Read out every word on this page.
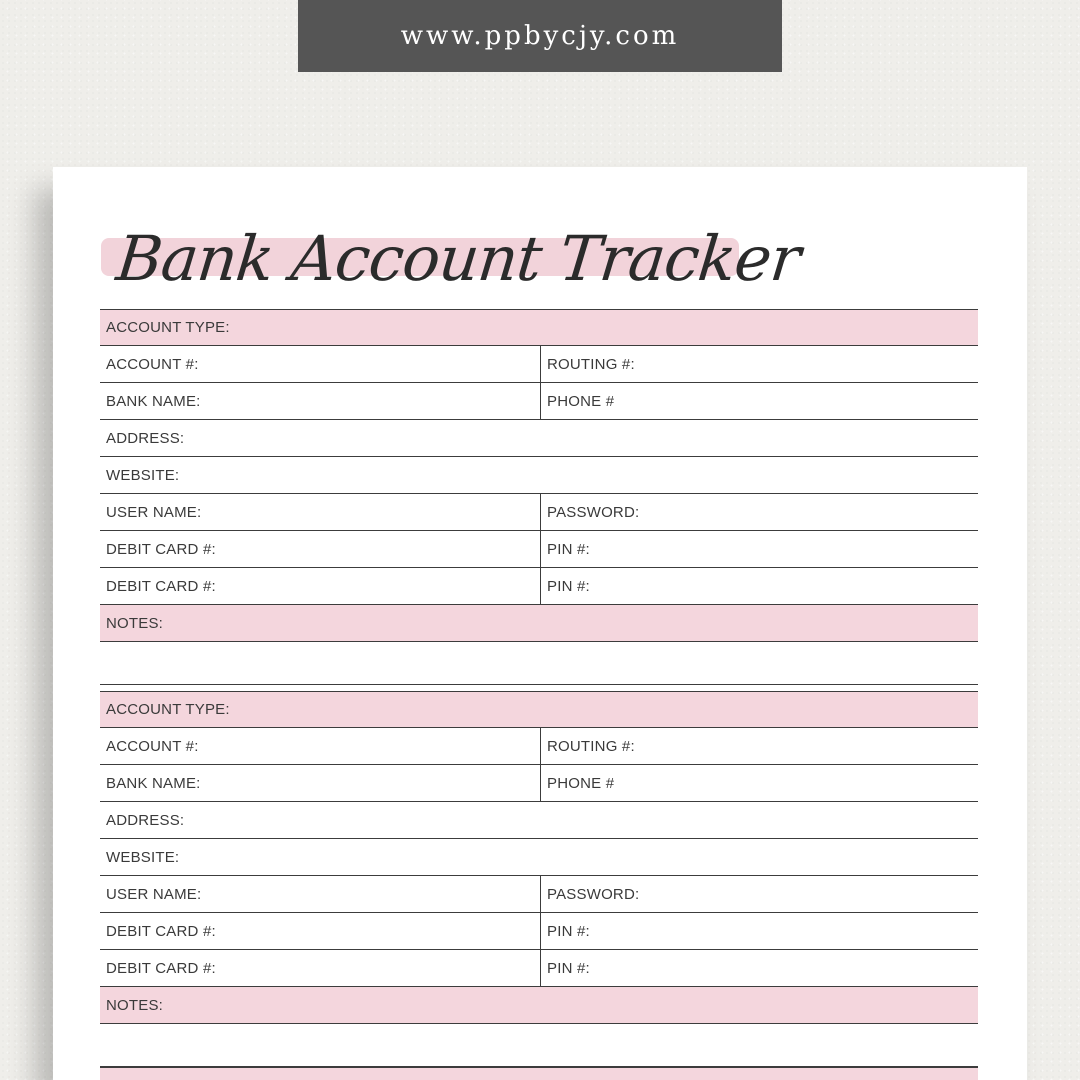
www.ppbycjy.com
Bank Account Tracker
ACCOUNT TYPE:
ACCOUNT #:	ROUTING #:
BANK NAME:	PHONE #
ADDRESS:
WEBSITE:
USER NAME:	PASSWORD:
DEBIT CARD #:	PIN #:
DEBIT CARD #:	PIN #:
NOTES:
ACCOUNT TYPE:
ACCOUNT #:	ROUTING #:
BANK NAME:	PHONE #
ADDRESS:
WEBSITE:
USER NAME:	PASSWORD:
DEBIT CARD #:	PIN #:
DEBIT CARD #:	PIN #:
NOTES:
